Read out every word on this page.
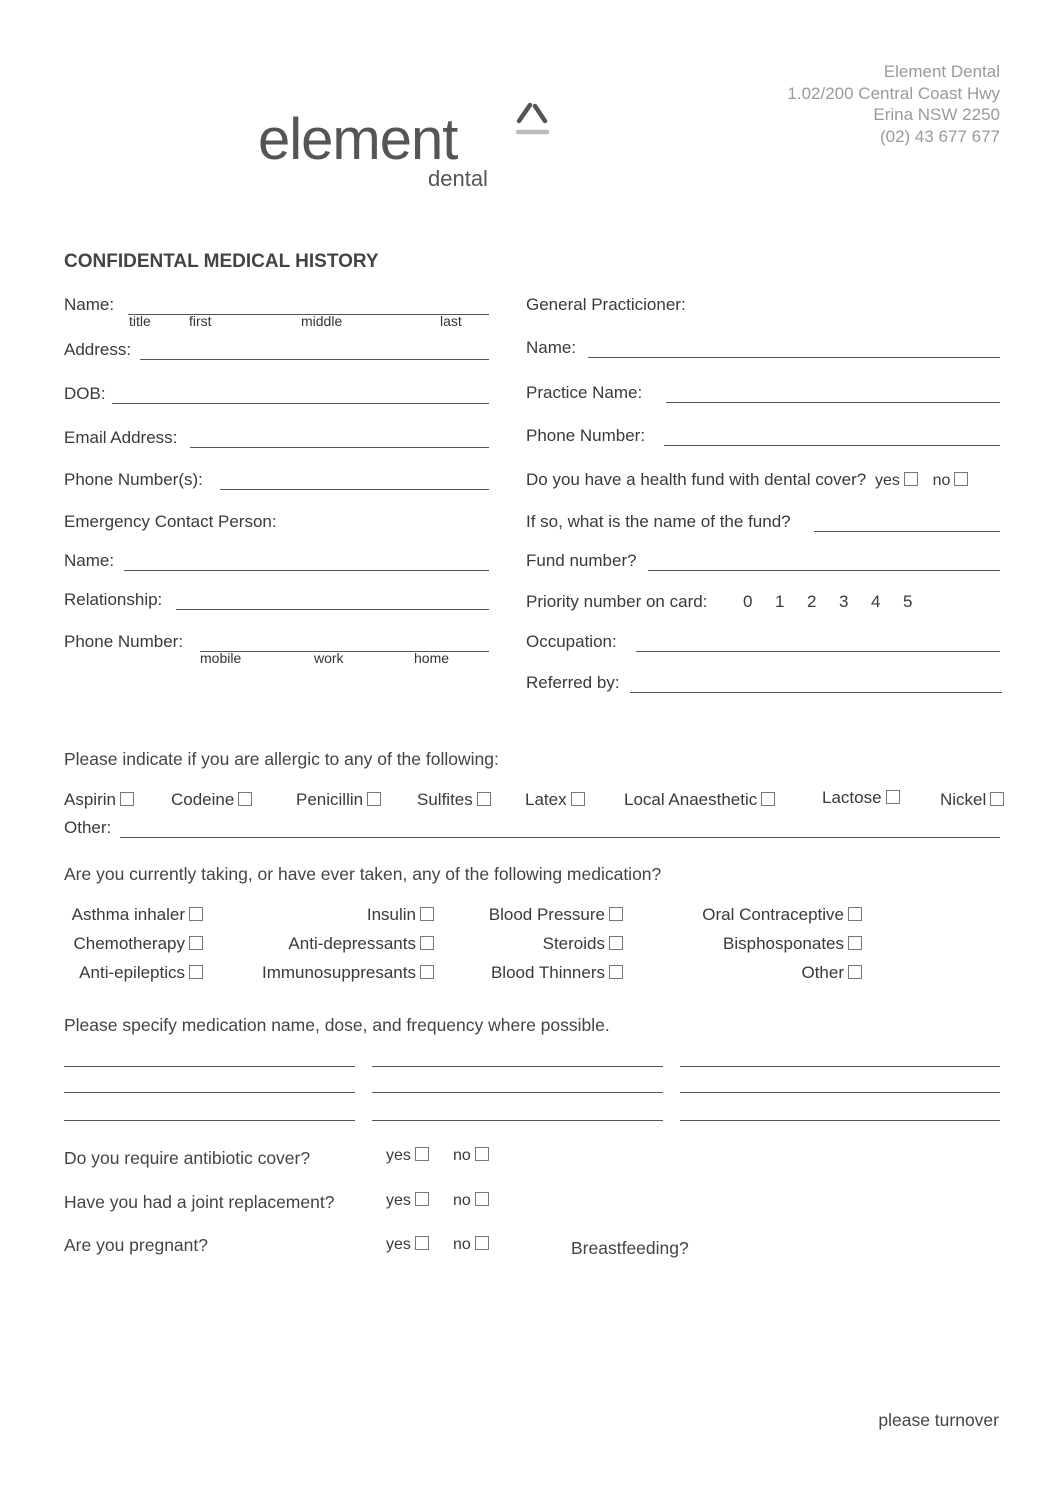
Element Dental
1.02/200 Central Coast Hwy
Erina NSW 2250
(02) 43 677 677
element
dental
CONFIDENTAL MEDICAL HISTORY
Name:
title	first	middle	last
Address:
DOB:
Email Address:
Phone Number(s):
Emergency Contact Person:
Name:
Relationship:
Phone Number:
mobile	work	home
General Practicioner:
Name:
Practice Name:
Phone Number:
Do you have a health fund with dental cover? yes no
If so, what is the name of the fund?
Fund number?
Priority number on card: 0 1 2 3 4 5
Occupation:
Referred by:
Please indicate if you are allergic to any of the following:
Aspirin	Codeine	Penicillin	Sulfites	Latex	Local Anaesthetic	Lactose	Nickel
Other:
Are you currently taking, or have ever taken, any of the following medication?
Asthma inhaler	Insulin	Blood Pressure	Oral Contraceptive
Chemotherapy	Anti-depressants	Steroids	Bisphosponates
Anti-epileptics	Immunosuppresants	Blood Thinners	Other
Please specify medication name, dose, and frequency where possible.
Do you require antibiotic cover?	yes	no
Have you had a joint replacement?	yes	no
Are you pregnant?	yes	no	Breastfeeding?
please turnover
